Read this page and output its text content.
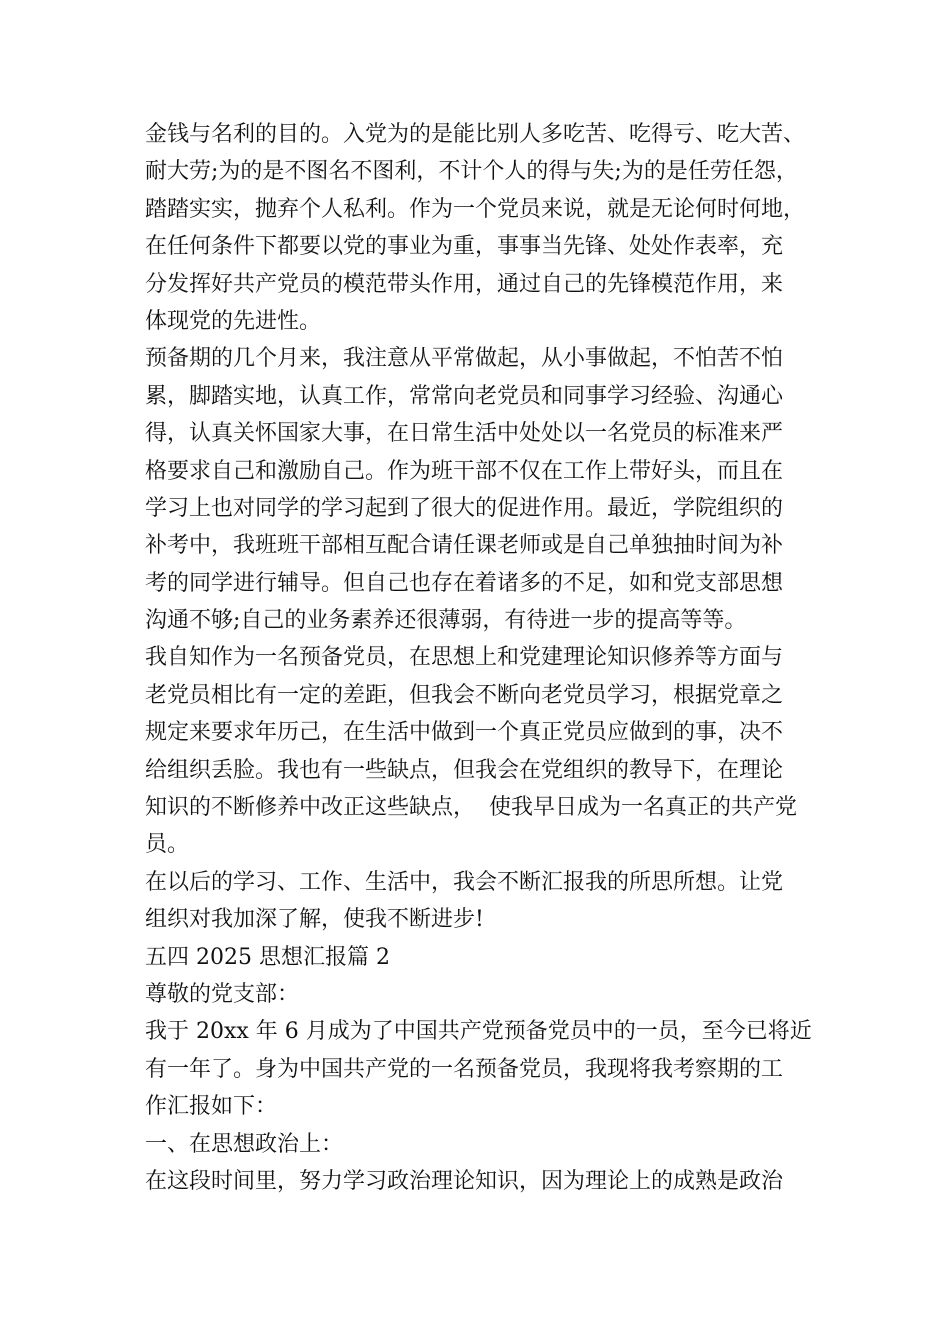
金钱与名利的目的。入党为的是能比别人多吃苦、吃得亏、吃大苦、
耐大劳;为的是不图名不图利，不计个人的得与失;为的是任劳任怨，
踏踏实实，抛弃个人私利。作为一个党员来说，就是无论何时何地，
在任何条件下都要以党的事业为重，事事当先锋、处处作表率，充
分发挥好共产党员的模范带头作用，通过自己的先锋模范作用，来
体现党的先进性。
预备期的几个月来，我注意从平常做起，从小事做起，不怕苦不怕
累，脚踏实地，认真工作，常常向老党员和同事学习经验、沟通心
得，认真关怀国家大事，在日常生活中处处以一名党员的标准来严
格要求自己和激励自己。作为班干部不仅在工作上带好头，而且在
学习上也对同学的学习起到了很大的促进作用。最近，学院组织的
补考中，我班班干部相互配合请任课老师或是自己单独抽时间为补
考的同学进行辅导。但自己也存在着诸多的不足，如和党支部思想
沟通不够;自己的业务素养还很薄弱，有待进一步的提高等等。
我自知作为一名预备党员，在思想上和党建理论知识修养等方面与
老党员相比有一定的差距，但我会不断向老党员学习，根据党章之
规定来要求年历己，在生活中做到一个真正党员应做到的事，决不
给组织丢脸。我也有一些缺点，但我会在党组织的教导下，在理论
知识的不断修养中改正这些缺点，  使我早日成为一名真正的共产党
员。
在以后的学习、工作、生活中，我会不断汇报我的所思所想。让党
组织对我加深了解，使我不断进步!
五四 2025 思想汇报篇 2
尊敬的党支部：
我于 20xx 年 6 月成为了中国共产党预备党员中的一员，至今已将近
有一年了。身为中国共产党的一名预备党员，我现将我考察期的工
作汇报如下：
一、在思想政治上：
在这段时间里，努力学习政治理论知识，因为理论上的成熟是政治
